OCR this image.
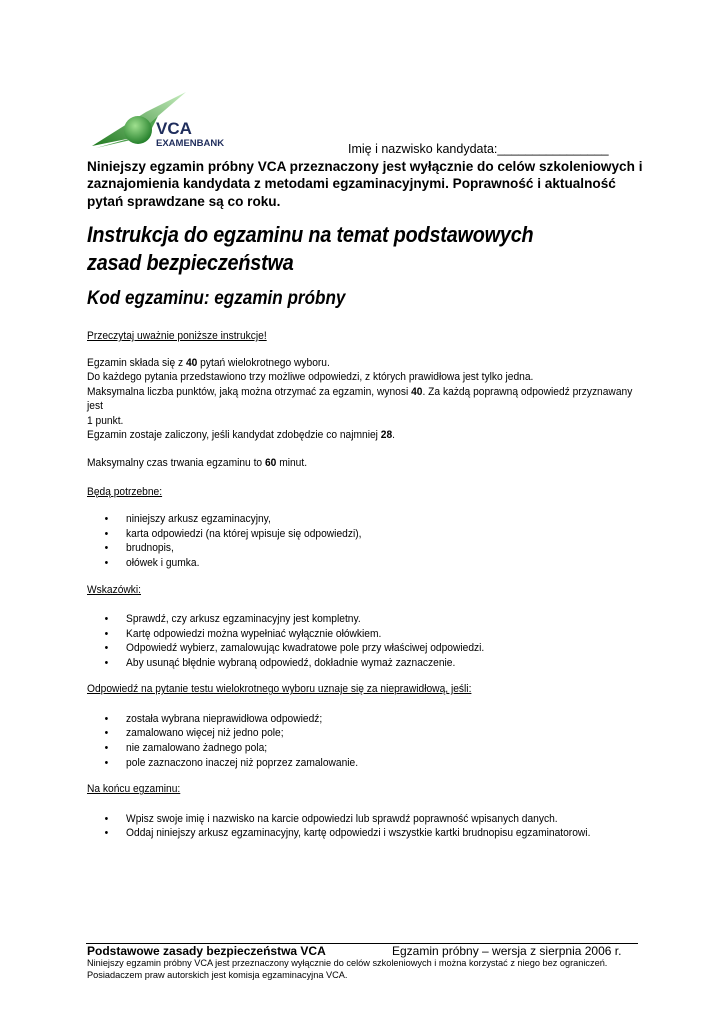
VCA
EXAMENBANK	Imię i nazwisko kandydata:________________
Niniejszy egzamin próbny VCA przeznaczony jest wyłącznie do celów szkoleniowych i zaznajomienia kandydata z metodami egzaminacyjnymi. Poprawność i aktualność pytań sprawdzane są co roku.
Instrukcja do egzaminu na temat podstawowych zasad bezpieczeństwa
Kod egzaminu: egzamin próbny

Przeczytaj uważnie poniższe instrukcje!

Egzamin składa się z 40 pytań wielokrotnego wyboru.

Do każdego pytania przedstawiono trzy możliwe odpowiedzi, z których prawidłowa jest tylko jedna.

Maksymalna liczba punktów, jaką można otrzymać za egzamin, wynosi 40. Za każdą poprawną odpowiedź przyznawany jest

1 punkt.

Egzamin zostaje zaliczony, jeśli kandydat zdobędzie co najmniej 28.

Maksymalny czas trwania egzaminu to 60 minut.

Będą potrzebne:

• niniejszy arkusz egzaminacyjny,
• karta odpowiedzi (na której wpisuje się odpowiedzi),
• brudnopis,
• ołówek i gumka.

Wskazówki:

• Sprawdź, czy arkusz egzaminacyjny jest kompletny.
• Kartę odpowiedzi można wypełniać wyłącznie ołówkiem.
• Odpowiedź wybierz, zamalowując kwadratowe pole przy właściwej odpowiedzi.
• Aby usunąć błędnie wybraną odpowiedź, dokładnie wymaż zaznaczenie.

Odpowiedź na pytanie testu wielokrotnego wyboru uznaje się za nieprawidłową, jeśli:

• została wybrana nieprawidłowa odpowiedź;
• zamalowano więcej niż jedno pole;
• nie zamalowano żadnego pola;
• pole zaznaczono inaczej niż poprzez zamalowanie.

Na końcu egzaminu:

• Wpisz swoje imię i nazwisko na karcie odpowiedzi lub sprawdź poprawność wpisanych danych.
• Oddaj niniejszy arkusz egzaminacyjny, kartę odpowiedzi i wszystkie kartki brudnopisu egzaminatorowi.
Podstawowe zasady bezpieczeństwa VCA	Egzamin próbny – wersja z sierpnia 2006 r.
Niniejszy egzamin próbny VCA jest przeznaczony wyłącznie do celów szkoleniowych i można korzystać z niego bez ograniczeń. Posiadaczem praw autorskich jest komisja egzaminacyjna VCA.
